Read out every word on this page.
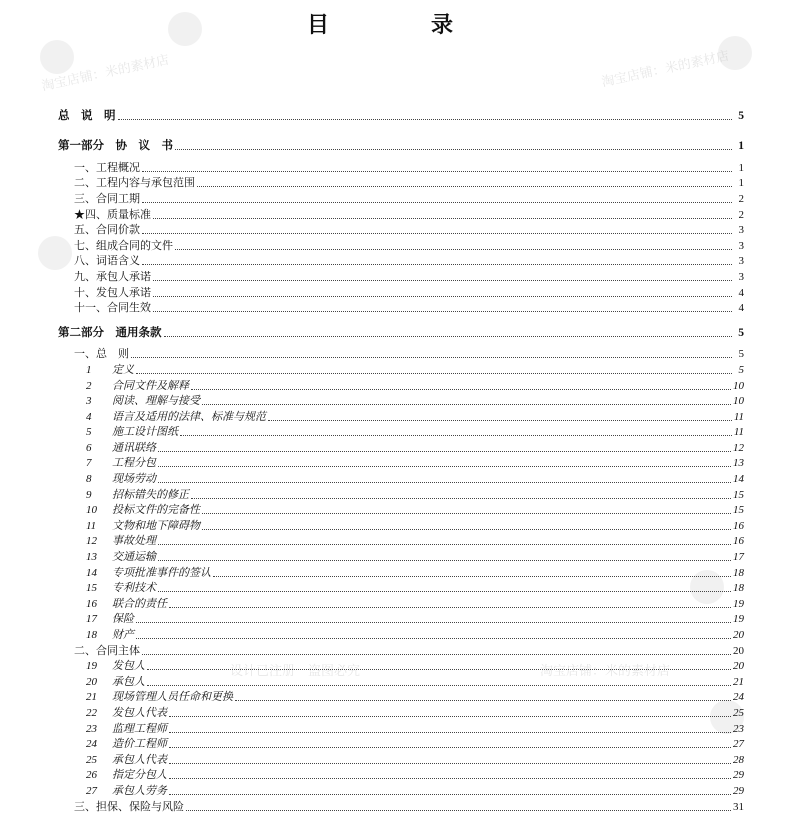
淘宝店铺：米的素材店	淘宝店铺：米的素材店
设计已注册　盗图必究	淘宝店铺：米的素材店
目　录
总　说　明	5
第一部分　协　议　书	1
一、工程概况	1
二、工程内容与承包范围	1
三、合同工期	2
★四、质量标准	2
五、合同价款	3
七、组成合同的文件	3
八、词语含义	3
九、承包人承诺	3
十、发包人承诺	4
十一、合同生效	4
第二部分　通用条款	5
一、总　则	5
1 定义	5
2 合同文件及解释	10
3 阅读、理解与接受	10
4 语言及适用的法律、标准与规范	11
5 施工设计图纸	11
6 通讯联络	12
7 工程分包	13
8 现场劳动	14
9 招标错失的修正	15
10 投标文件的完备性	15
11 文物和地下障碍物	16
12 事故处理	16
13 交通运输	17
14 专项批准事件的签认	18
15 专利技术	18
16 联合的责任	19
17 保险	19
18 财产	20
二、合同主体	20
19 发包人	20
20 承包人	21
21 现场管理人员任命和更换	24
22 发包人代表	25
23 监理工程师	23
24 造价工程师	27
25 承包人代表	28
26 指定分包人	29
27 承包人劳务	29
三、担保、保险与风险	31
